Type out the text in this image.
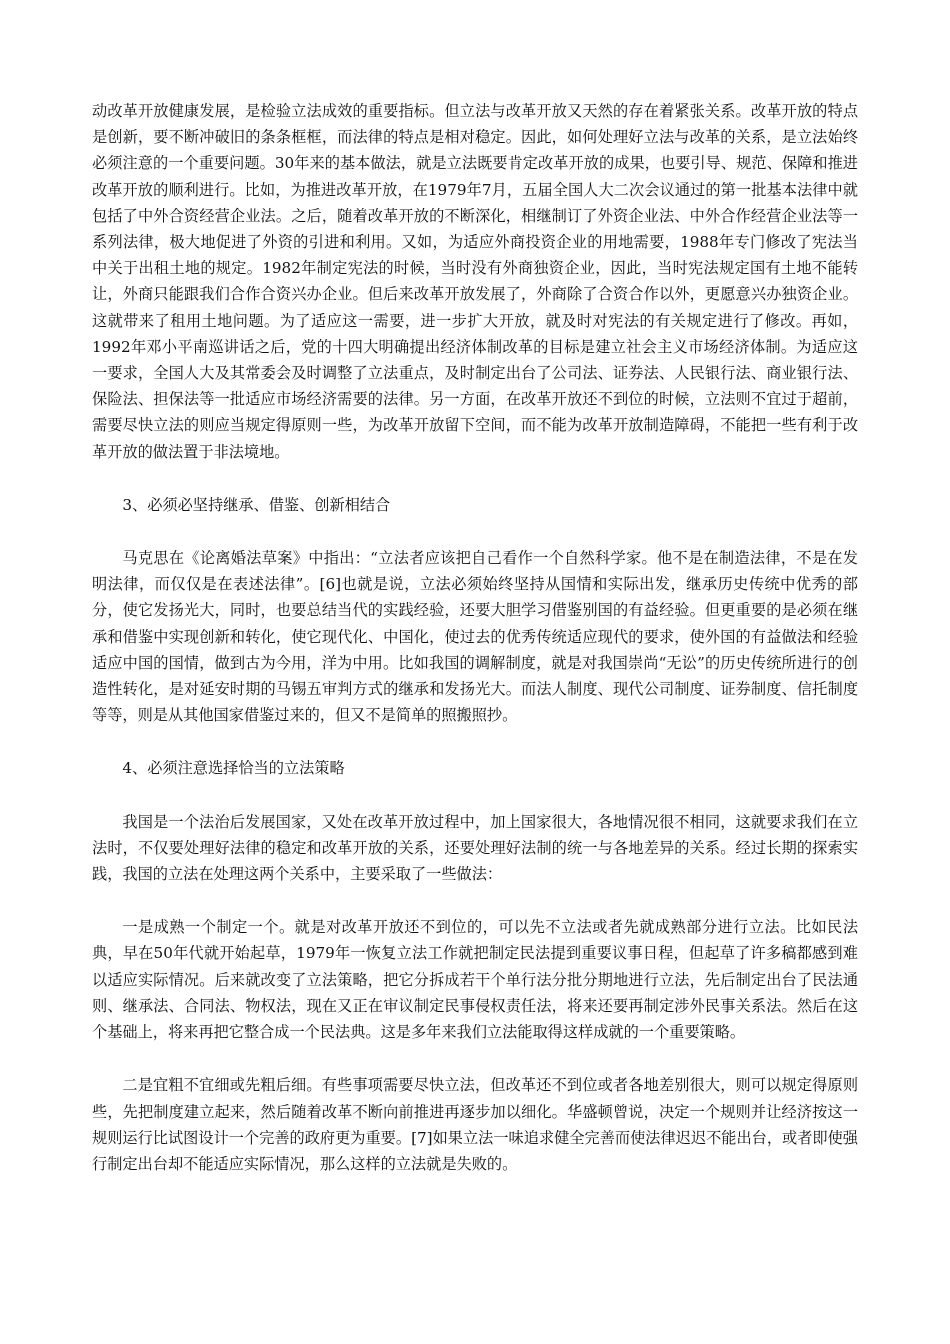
动改革开放健康发展，是检验立法成效的重要指标。但立法与改革开放又天然的存在着紧张关系。改革开放的特点是创新，要不断冲破旧的条条框框，而法律的特点是相对稳定。因此，如何处理好立法与改革的关系，是立法始终必须注意的一个重要问题。30年来的基本做法，就是立法既要肯定改革开放的成果，也要引导、规范、保障和推进改革开放的顺利进行。比如，为推进改革开放，在1979年7月，五届全国人大二次会议通过的第一批基本法律中就包括了中外合资经营企业法。之后，随着改革开放的不断深化，相继制订了外资企业法、中外合作经营企业法等一系列法律，极大地促进了外资的引进和利用。又如，为适应外商投资企业的用地需要，1988年专门修改了宪法当中关于出租土地的规定。1982年制定宪法的时候，当时没有外商独资企业，因此，当时宪法规定国有土地不能转让，外商只能跟我们合作合资兴办企业。但后来改革开放发展了，外商除了合资合作以外，更愿意兴办独资企业。这就带来了租用土地问题。为了适应这一需要，进一步扩大开放，就及时对宪法的有关规定进行了修改。再如，1992年邓小平南巡讲话之后，党的十四大明确提出经济体制改革的目标是建立社会主义市场经济体制。为适应这一要求，全国人大及其常委会及时调整了立法重点，及时制定出台了公司法、证券法、人民银行法、商业银行法、保险法、担保法等一批适应市场经济需要的法律。另一方面，在改革开放还不到位的时候，立法则不宜过于超前，需要尽快立法的则应当规定得原则一些，为改革开放留下空间，而不能为改革开放制造障碍，不能把一些有利于改革开放的做法置于非法境地。

3、必须必坚持继承、借鉴、创新相结合

马克思在《论离婚法草案》中指出：“立法者应该把自己看作一个自然科学家。他不是在制造法律，不是在发明法律，而仅仅是在表述法律”。[6]也就是说，立法必须始终坚持从国情和实际出发，继承历史传统中优秀的部分，使它发扬光大，同时，也要总结当代的实践经验，还要大胆学习借鉴别国的有益经验。但更重要的是必须在继承和借鉴中实现创新和转化，使它现代化、中国化，使过去的优秀传统适应现代的要求，使外国的有益做法和经验适应中国的国情，做到古为今用，洋为中用。比如我国的调解制度，就是对我国崇尚“无讼”的历史传统所进行的创造性转化，是对延安时期的马锡五审判方式的继承和发扬光大。而法人制度、现代公司制度、证券制度、信托制度等等，则是从其他国家借鉴过来的，但又不是简单的照搬照抄。

4、必须注意选择恰当的立法策略

我国是一个法治后发展国家，又处在改革开放过程中，加上国家很大，各地情况很不相同，这就要求我们在立法时，不仅要处理好法律的稳定和改革开放的关系，还要处理好法制的统一与各地差异的关系。经过长期的探索实践，我国的立法在处理这两个关系中，主要采取了一些做法：

一是成熟一个制定一个。就是对改革开放还不到位的，可以先不立法或者先就成熟部分进行立法。比如民法典，早在50年代就开始起草，1979年一恢复立法工作就把制定民法提到重要议事日程，但起草了许多稿都感到难以适应实际情况。后来就改变了立法策略，把它分拆成若干个单行法分批分期地进行立法，先后制定出台了民法通则、继承法、合同法、物权法，现在又正在审议制定民事侵权责任法，将来还要再制定涉外民事关系法。然后在这个基础上，将来再把它整合成一个民法典。这是多年来我们立法能取得这样成就的一个重要策略。

二是宜粗不宜细或先粗后细。有些事项需要尽快立法，但改革还不到位或者各地差别很大，则可以规定得原则些，先把制度建立起来，然后随着改革不断向前推进再逐步加以细化。华盛顿曾说，决定一个规则并让经济按这一规则运行比试图设计一个完善的政府更为重要。[7]如果立法一味追求健全完善而使法律迟迟不能出台，或者即使强行制定出台却不能适应实际情况，那么这样的立法就是失败的。
